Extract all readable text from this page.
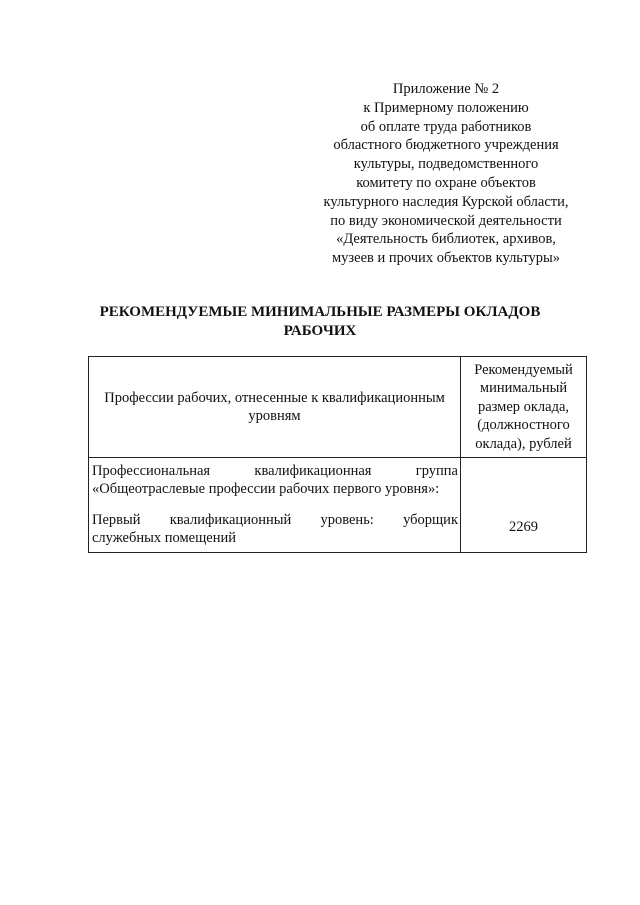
Приложение № 2
к Примерному положению
об оплате труда работников
областного бюджетного учреждения
культуры, подведомственного
комитету по охране объектов
культурного наследия Курской области,
по виду экономической деятельности
«Деятельность библиотек, архивов,
музеев и прочих объектов культуры»
РЕКОМЕНДУЕМЫЕ МИНИМАЛЬНЫЕ РАЗМЕРЫ ОКЛАДОВ
РАБОЧИХ
Профессии рабочих, отнесенные к квалификационным уровням	Рекомендуемый минимальный размер оклада, (должностного оклада), рублей

Профессиональная квалификационная группа
«Общеотраслевые профессии рабочих первого уровня»:
Первый квалификационный уровень: уборщик
служебных помещений	2269
